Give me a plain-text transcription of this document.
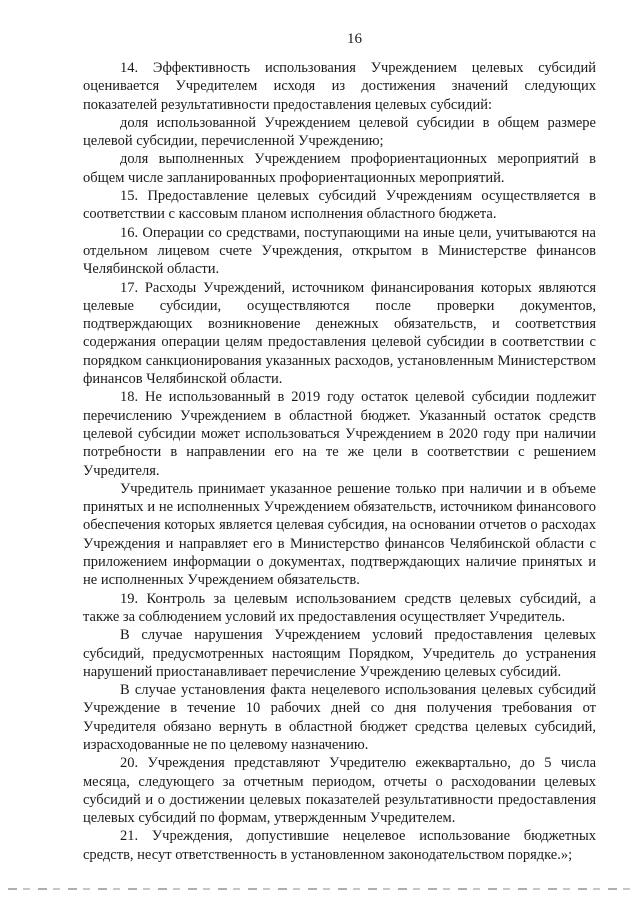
16

14. Эффективность использования Учреждением целевых субсидий оценивается Учредителем исходя из достижения значений следующих показателей результативности предоставления целевых субсидий:

доля использованной Учреждением целевой субсидии в общем размере целевой субсидии, перечисленной Учреждению;

доля выполненных Учреждением профориентационных мероприятий в общем числе запланированных профориентационных мероприятий.

15. Предоставление целевых субсидий Учреждениям осуществляется в соответствии с кассовым планом исполнения областного бюджета.

16. Операции со средствами, поступающими на иные цели, учитываются на отдельном лицевом счете Учреждения, открытом в Министерстве финансов Челябинской области.

17. Расходы Учреждений, источником финансирования которых являются целевые субсидии, осуществляются после проверки документов, подтверждающих возникновение денежных обязательств, и соответствия содержания операции целям предоставления целевой субсидии в соответствии с порядком санкционирования указанных расходов, установленным Министерством финансов Челябинской области.

18. Не использованный в 2019 году остаток целевой субсидии подлежит перечислению Учреждением в областной бюджет. Указанный остаток средств целевой субсидии может использоваться Учреждением в 2020 году при наличии потребности в направлении его на те же цели в соответствии с решением Учредителя.

Учредитель принимает указанное решение только при наличии и в объеме принятых и не исполненных Учреждением обязательств, источником финансового обеспечения которых является целевая субсидия, на основании отчетов о расходах Учреждения и направляет его в Министерство финансов Челябинской области с приложением информации о документах, подтверждающих наличие принятых и не исполненных Учреждением обязательств.

19. Контроль за целевым использованием средств целевых субсидий, а также за соблюдением условий их предоставления осуществляет Учредитель.

В случае нарушения Учреждением условий предоставления целевых субсидий, предусмотренных настоящим Порядком, Учредитель до устранения нарушений приостанавливает перечисление Учреждению целевых субсидий.

В случае установления факта нецелевого использования целевых субсидий Учреждение в течение 10 рабочих дней со дня получения требования от Учредителя обязано вернуть в областной бюджет средства целевых субсидий, израсходованные не по целевому назначению.

20. Учреждения представляют Учредителю ежеквартально, до 5 числа месяца, следующего за отчетным периодом, отчеты о расходовании целевых субсидий и о достижении целевых показателей результативности предоставления целевых субсидий по формам, утвержденным Учредителем.

21. Учреждения, допустившие нецелевое использование бюджетных средств, несут ответственность в установленном законодательством порядке.»;
